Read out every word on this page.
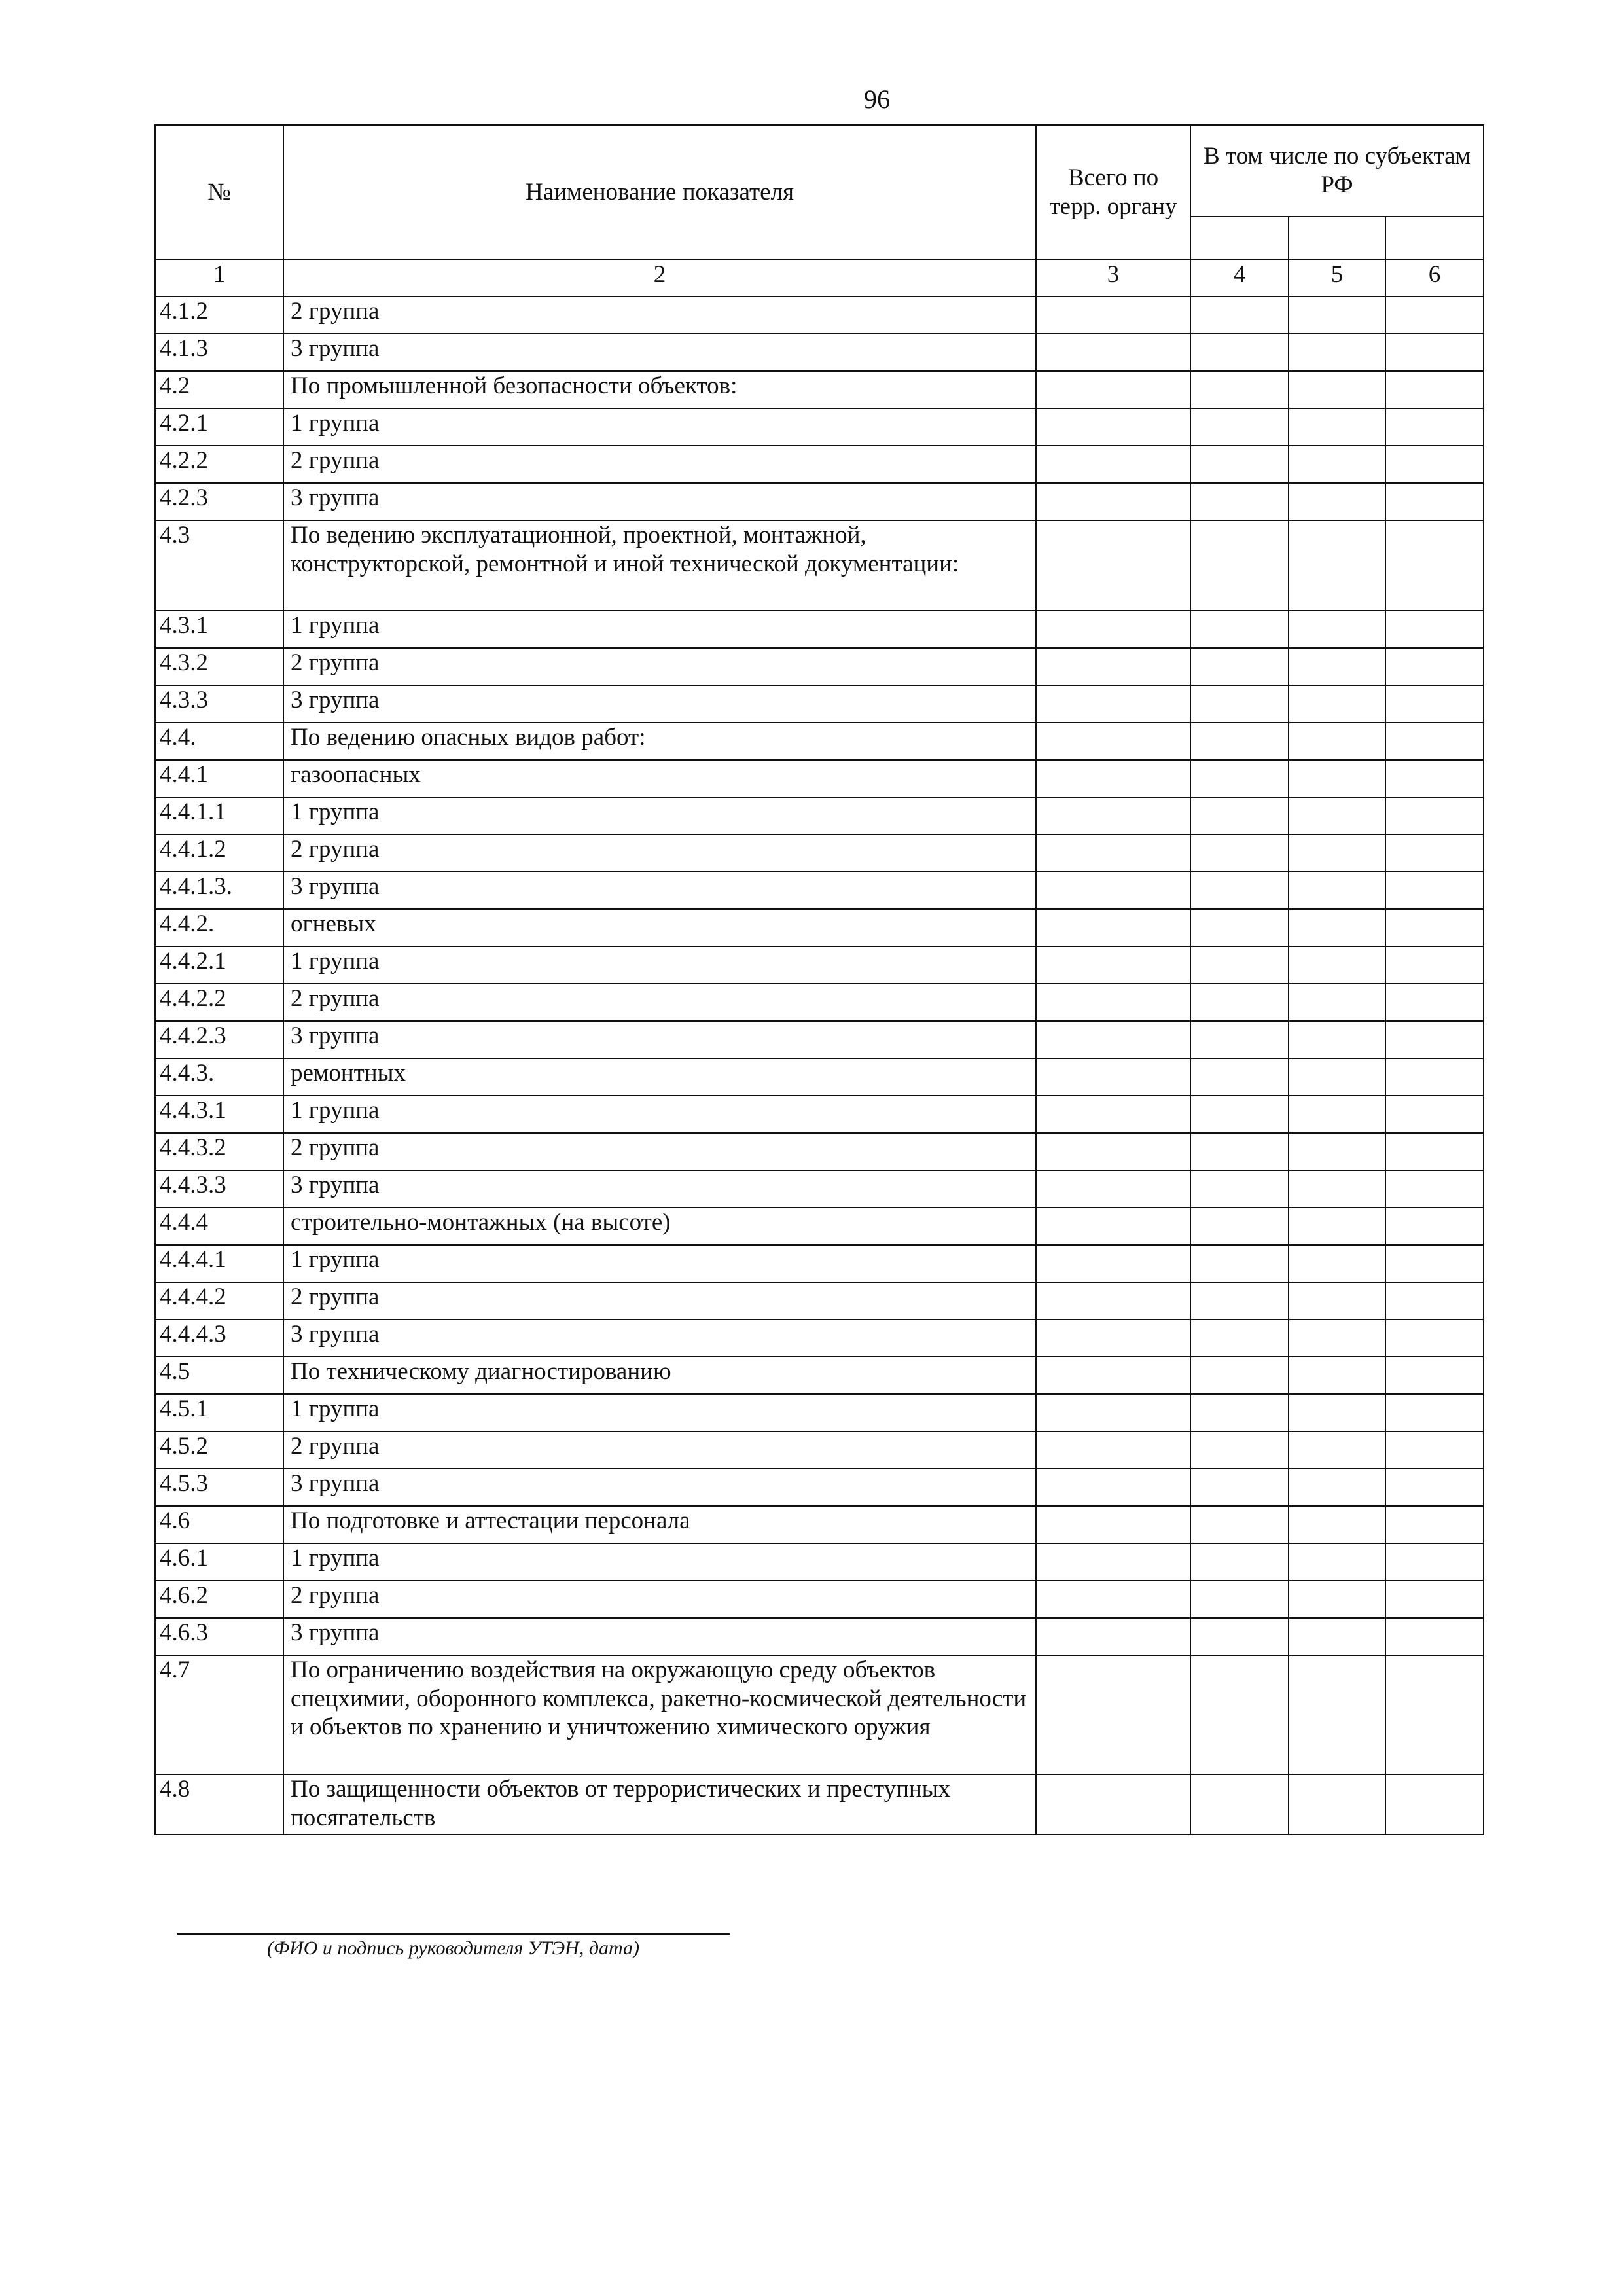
96
№	Наименование показателя	Всего по терр. органу	В том числе по субъектам РФ		

1	2	3	4	5	6
4.1.2	2 группа				
4.1.3	3 группа				
4.2	По промышленной безопасности объектов:				
4.2.1	1 группа				
4.2.2	2 группа				
4.2.3	3 группа				
4.3	По ведению эксплуатационной, проектной, монтажной, конструкторской, ремонтной и иной технической документации:				
4.3.1	1 группа				
4.3.2	2 группа				
4.3.3	3 группа				
4.4.	По ведению опасных видов работ:				
4.4.1	газоопасных				
4.4.1.1	1 группа				
4.4.1.2	2 группа				
4.4.1.3.	3 группа				
4.4.2.	огневых				
4.4.2.1	1 группа				
4.4.2.2	2 группа				
4.4.2.3	3 группа				
4.4.3.	ремонтных				
4.4.3.1	1 группа				
4.4.3.2	2 группа				
4.4.3.3	3 группа				
4.4.4	строительно-монтажных (на высоте)				
4.4.4.1	1 группа				
4.4.4.2	2 группа				
4.4.4.3	3 группа				
4.5	По техническому диагностированию				
4.5.1	1 группа				
4.5.2	2 группа				
4.5.3	3 группа				
4.6	По подготовке и аттестации персонала				
4.6.1	1 группа				
4.6.2	2 группа				
4.6.3	3 группа				
4.7	По ограничению воздействия на окружающую среду объектов спецхимии, оборонного комплекса, ракетно-космической деятельности и объектов по хранению и уничтожению химического оружия				
4.8	По защищенности объектов от террористических и преступных посягательств				
(ФИО и подпись руководителя УТЭН, дата)
